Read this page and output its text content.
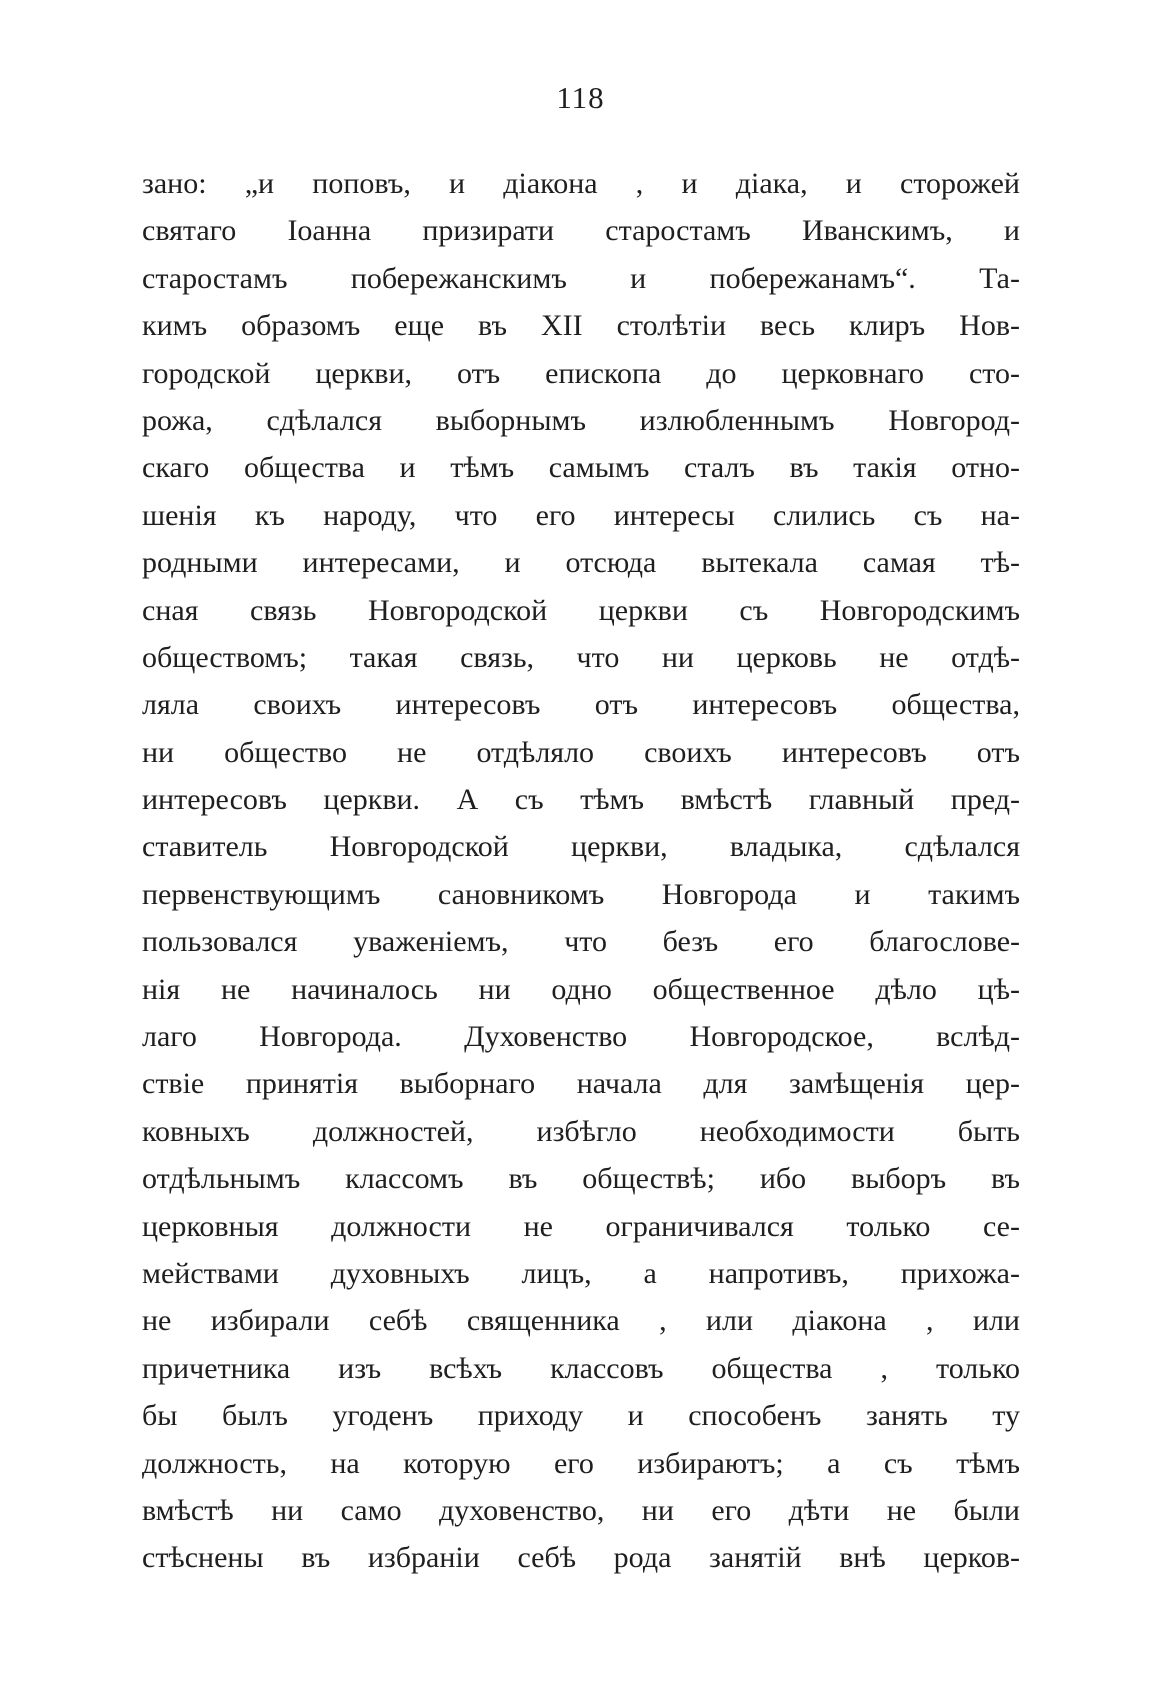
118
зано: „и поповъ, и діакона , и діака, и сторожей
святаго Іоанна призирати старостамъ Иванскимъ, и
старостамъ побережанскимъ и побережанамъ“. Та-
кимъ образомъ еще въ XII столѣтіи весь клиръ Нов-
городской церкви, отъ епископа до церковнаго сто-
рожа, сдѣлался выборнымъ излюбленнымъ Новгород-
скаго общества и тѣмъ самымъ сталъ въ такія отно-
шенія къ народу, что его интересы слились съ на-
родными интересами, и отсюда вытекала самая тѣ-
сная связь Новгородской церкви съ Новгородскимъ
обществомъ; такая связь, что ни церковь не отдѣ-
ляла своихъ интересовъ отъ интересовъ общества,
ни общество не отдѣляло своихъ интересовъ отъ
интересовъ церкви. А съ тѣмъ вмѣстѣ главный пред-
ставитель Новгородской церкви, владыка, сдѣлался
первенствующимъ сановникомъ Новгорода и такимъ
пользовался уваженіемъ, что безъ его благослове-
нія не начиналось ни одно общественное дѣло цѣ-
лаго Новгорода. Духовенство Новгородское, вслѣд-
ствіе принятія выборнаго начала для замѣщенія цер-
ковныхъ должностей, избѣгло необходимости быть
отдѣльнымъ классомъ въ обществѣ; ибо выборъ въ
церковныя должности не ограничивался только се-
мействами духовныхъ лицъ, а напротивъ, прихожа-
не избирали себѣ священника , или діакона , или
причетника изъ всѣхъ классовъ общества , только
бы былъ угоденъ приходу и способенъ занять ту
должность, на которую его избираютъ; а съ тѣмъ
вмѣстѣ ни само духовенство, ни его дѣти не были
стѣснены въ избраніи себѣ рода занятій внѣ церков-
